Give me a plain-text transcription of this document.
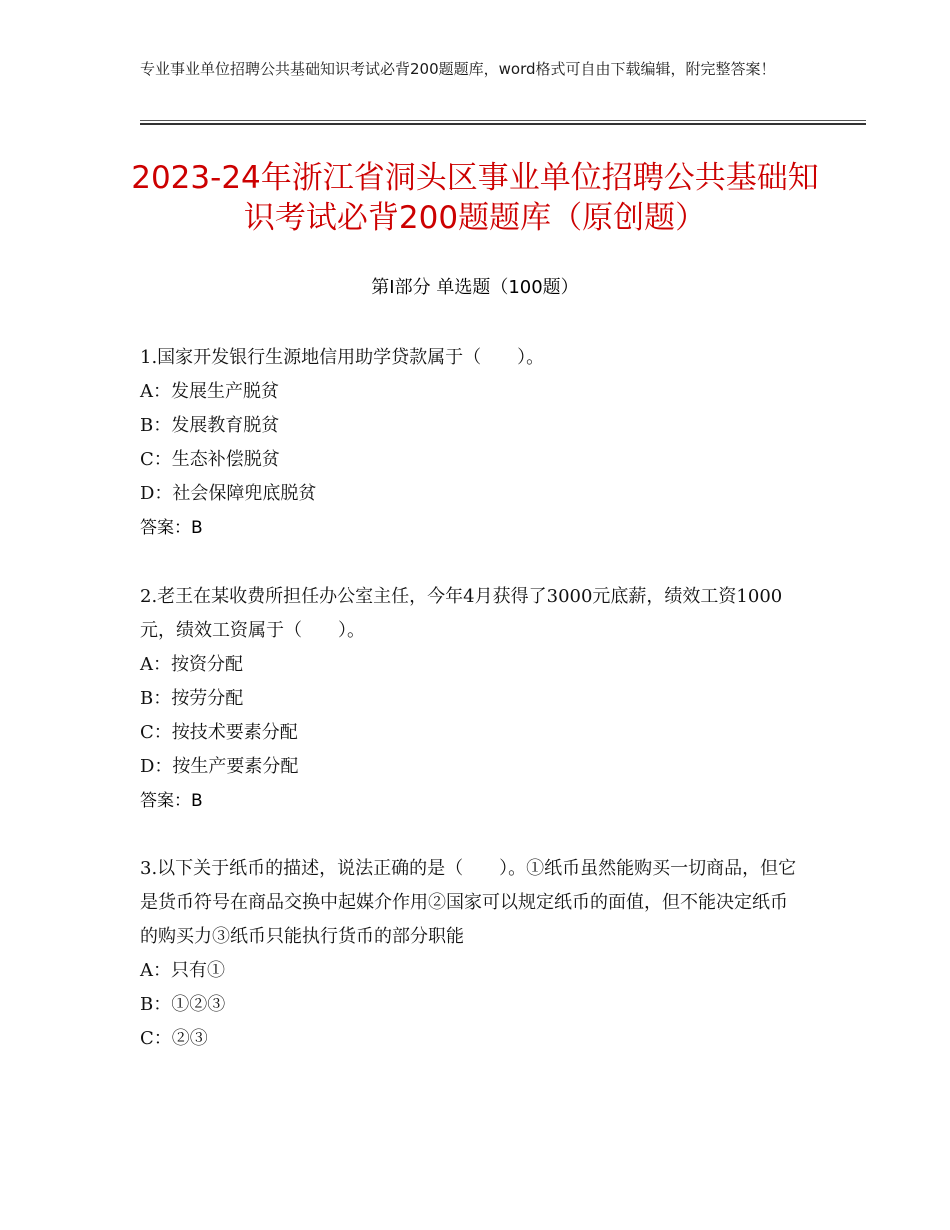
专业事业单位招聘公共基础知识考试必背200题题库，word格式可自由下载编辑，附完整答案！
2023-24年浙江省洞头区事业单位招聘公共基础知识考试必背200题题库（原创题）
第Ⅰ部分 单选题（100题）
1.国家开发银行生源地信用助学贷款属于（　　）。
A：发展生产脱贫
B：发展教育脱贫
C：生态补偿脱贫
D：社会保障兜底脱贫
答案：B
2.老王在某收费所担任办公室主任，今年4月获得了3000元底薪，绩效工资1000元，绩效工资属于（　　）。
A：按资分配
B：按劳分配
C：按技术要素分配
D：按生产要素分配
答案：B
3.以下关于纸币的描述，说法正确的是（　　）。①纸币虽然能购买一切商品，但它是货币符号在商品交换中起媒介作用②国家可以规定纸币的面值，但不能决定纸币的购买力③纸币只能执行货币的部分职能
A：只有①
B：①②③
C：②③
